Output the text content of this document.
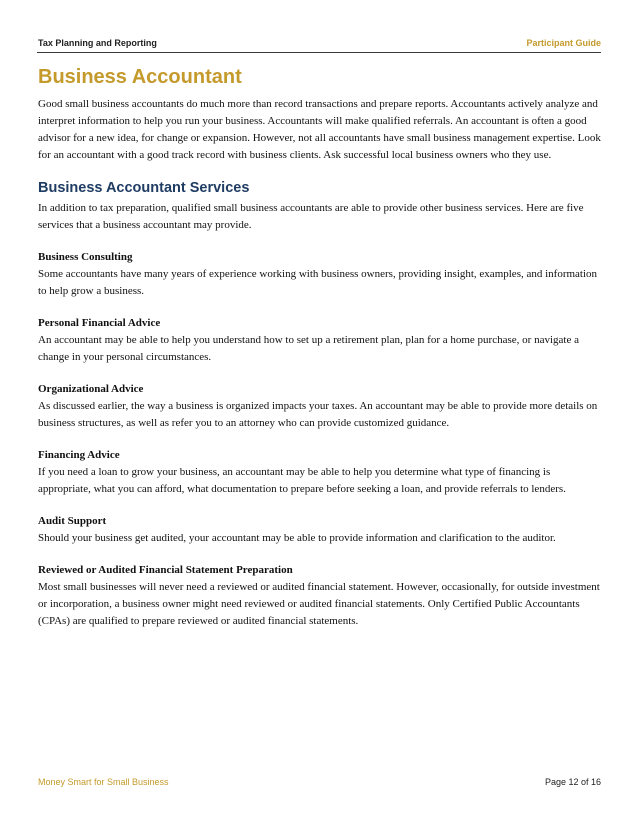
Tax Planning and Reporting	Participant Guide
Business Accountant

Good small business accountants do much more than record transactions and prepare reports. Accountants actively analyze and interpret information to help you run your business. Accountants will make qualified referrals. An accountant is often a good advisor for a new idea, for change or expansion. However, not all accountants have small business management expertise. Look for an accountant with a good track record with business clients. Ask successful local business owners who they use.

Business Accountant Services

In addition to tax preparation, qualified small business accountants are able to provide other business services. Here are five services that a business accountant may provide.

Business Consulting

Some accountants have many years of experience working with business owners, providing insight, examples, and information to help grow a business.

Personal Financial Advice

An accountant may be able to help you understand how to set up a retirement plan, plan for a home purchase, or navigate a change in your personal circumstances.

Organizational Advice

As discussed earlier, the way a business is organized impacts your taxes. An accountant may be able to provide more details on business structures, as well as refer you to an attorney who can provide customized guidance.

Financing Advice

If you need a loan to grow your business, an accountant may be able to help you determine what type of financing is appropriate, what you can afford, what documentation to prepare before seeking a loan, and provide referrals to lenders.

Audit Support

Should your business get audited, your accountant may be able to provide information and clarification to the auditor.

Reviewed or Audited Financial Statement Preparation

Most small businesses will never need a reviewed or audited financial statement. However, occasionally, for outside investment or incorporation, a business owner might need reviewed or audited financial statements. Only Certified Public Accountants (CPAs) are qualified to prepare reviewed or audited financial statements.

Money Smart for Small Business	Page 12 of 16
